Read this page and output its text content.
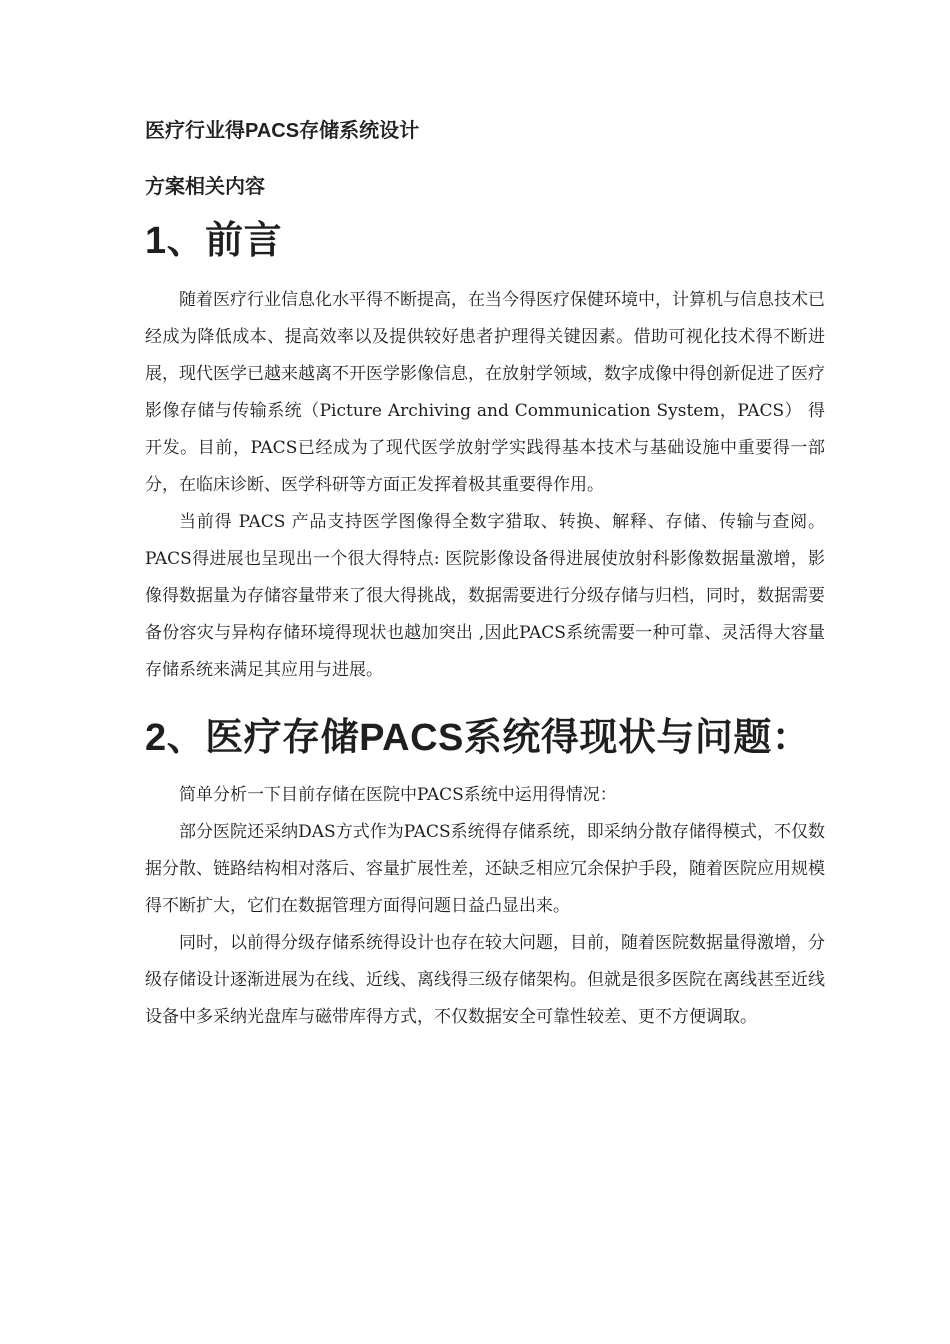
医疗行业得PACS存储系统设计

方案相关内容

1、前言

随着医疗行业信息化水平得不断提高，在当今得医疗保健环境中，计算机与信息技术已经成为降低成本、提高效率以及提供较好患者护理得关键因素。借助可视化技术得不断进展，现代医学已越来越离不开医学影像信息，在放射学领域，数字成像中得创新促进了医疗影像存储与传输系统（Picture Archiving and Communication System，PACS） 得开发。目前，PACS已经成为了现代医学放射学实践得基本技术与基础设施中重要得一部分，在临床诊断、医学科研等方面正发挥着极其重要得作用。

当前得 PACS 产品支持医学图像得全数字猎取、转换、解释、存储、传输与查阅。 PACS得进展也呈现出一个很大得特点: 医院影像设备得进展使放射科影像数据量激增，影像得数据量为存储容量带来了很大得挑战，数据需要进行分级存储与归档，同时，数据需要备份容灾与异构存储环境得现状也越加突出 ,因此PACS系统需要一种可靠、灵活得大容量存储系统来满足其应用与进展。

2、医疗存储PACS系统得现状与问题：

简单分析一下目前存储在医院中PACS系统中运用得情况：

部分医院还采纳DAS方式作为PACS系统得存储系统，即采纳分散存储得模式，不仅数据分散、链路结构相对落后、容量扩展性差，还缺乏相应冗余保护手段，随着医院应用规模得不断扩大，它们在数据管理方面得问题日益凸显出来。

同时，以前得分级存储系统得设计也存在较大问题，目前，随着医院数据量得激增，分级存储设计逐渐进展为在线、近线、离线得三级存储架构。但就是很多医院在离线甚至近线设备中多采纳光盘库与磁带库得方式，不仅数据安全可靠性较差、更不方便调取。
